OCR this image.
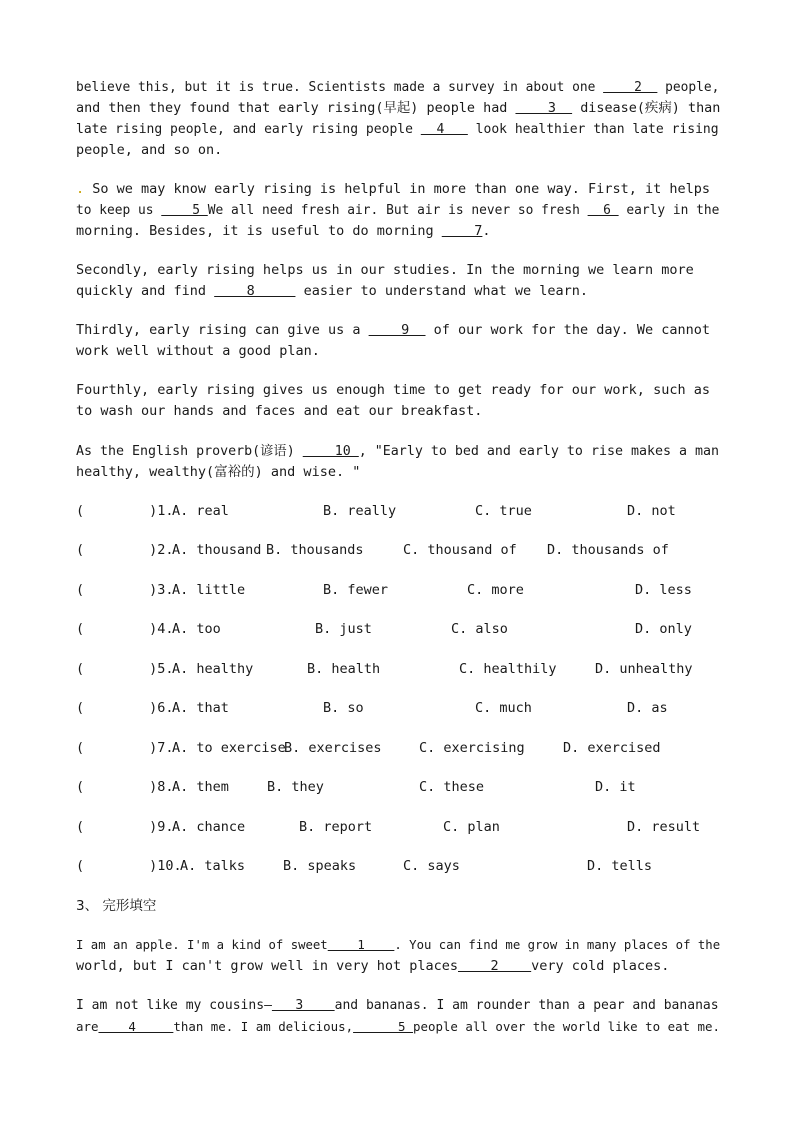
believe this, but it is true. Scientists made a survey in about one     2   people,
and then they found that early rising(早起) people had     3   disease(疾病) than
late rising people, and early rising people   4    look healthier than late rising
people, and so on.
. So we may know early rising is helpful in more than one way. First, it helps
to keep us     5 We all need fresh air. But air is never so fresh   6  early in the
morning. Besides, it is useful to do morning     7.
Secondly, early rising helps us in our studies. In the morning we learn more
quickly and find     8      easier to understand what we learn.
Thirdly, early rising can give us a     9   of our work for the day. We cannot
work well without a good plan.
Fourthly, early rising gives us enough time to get ready for our work, such as
to wash our hands and faces and eat our breakfast.
As the English proverb(谚语)     10 , "Early to bed and early to rise makes a man
healthy, wealthy(富裕的) and wise. "

(        )1.

A. real

	B. really

	C. true

	D. not

(        )2.

A. thousand

B. thousands

	C. thousand of

D. thousands of

(        )3.

A. little

	B. fewer

	C. more

	D. less

(        )4.

A. too

	B. just

	C. also

	D. only

(        )5.

A. healthy

	B. health

	C. healthily

	D. unhealthy

(        )6.

A. that

	B. so

	C. much

	D. as

(        )7.

A. to exercise

B. exercises

	C. exercising

	D. exercised

(        )8.

A. them

	B. they

	C. these

	D. it

(        )9.

A. chance

	B. report

	C. plan

	D. result

(        )10.

A. talks

	B. speaks

	C. says

	D. tells

3、 完形填空
I am an apple. I'm a kind of sweet    1    . You can find me grow in many places of the
world, but I can't grow well in very hot places    2    very cold places.
I am not like my cousins—   3    and bananas. I am rounder than a pear and bananas
are    4     than me. I am delicious,      5 people all over the world like to eat me.
